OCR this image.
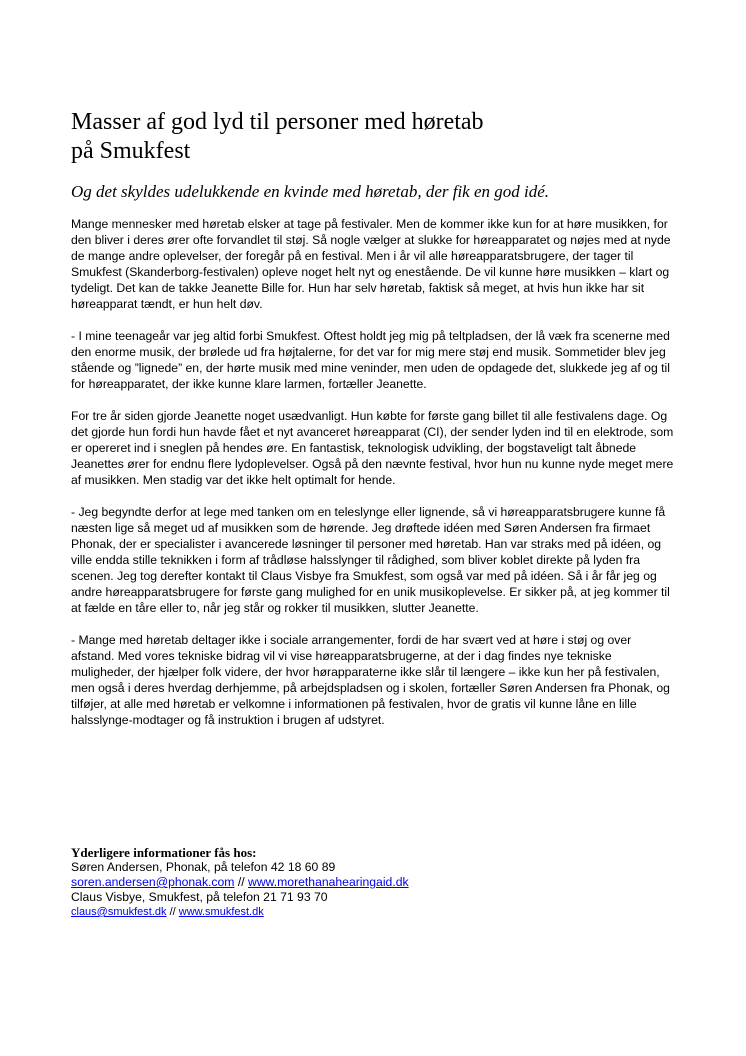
Masser af god lyd til personer med høretab
på Smukfest

Og det skyldes udelukkende en kvinde med høretab, der fik en god idé.

Mange mennesker med høretab elsker at tage på festivaler. Men de kommer ikke kun for at høre musikken, for den bliver i deres ører ofte forvandlet til støj. Så nogle vælger at slukke for høreapparatet og nøjes med at nyde de mange andre oplevelser, der foregår på en festival. Men i år vil alle høreapparatsbrugere, der tager til Smukfest (Skanderborg-festivalen) opleve noget helt nyt og enestående. De vil kunne høre musikken – klart og tydeligt. Det kan de takke Jeanette Bille for. Hun har selv høretab, faktisk så meget, at hvis hun ikke har sit høreapparat tændt, er hun helt døv.

- I mine teenageår var jeg altid forbi Smukfest. Oftest holdt jeg mig på teltpladsen, der lå væk fra scenerne med den enorme musik, der brølede ud fra højtalerne, for det var for mig mere støj end musik. Sommetider blev jeg stående og ”lignede” en, der hørte musik med mine veninder, men uden de opdagede det, slukkede jeg af og til for høreapparatet, der ikke kunne klare larmen, fortæller Jeanette.

For tre år siden gjorde Jeanette noget usædvanligt. Hun købte for første gang billet til alle festivalens dage. Og det gjorde hun fordi hun havde fået et nyt avanceret høreapparat (CI), der sender lyden ind til en elektrode, som er opereret ind i sneglen på hendes øre. En fantastisk, teknologisk udvikling, der bogstaveligt talt åbnede Jeanettes ører for endnu flere lydoplevelser. Også på den nævnte festival, hvor hun nu kunne nyde meget mere af musikken. Men stadig var det ikke helt optimalt for hende.

- Jeg begyndte derfor at lege med tanken om en teleslynge eller lignende, så vi høreapparatsbrugere kunne få næsten lige så meget ud af musikken som de hørende. Jeg drøftede idéen med Søren Andersen fra firmaet Phonak, der er specialister i avancerede løsninger til personer med høretab. Han var straks med på idéen, og ville endda stille teknikken i form af trådløse halsslynger til rådighed, som bliver koblet direkte på lyden fra scenen. Jeg tog derefter kontakt til Claus Visbye fra Smukfest, som også var med på idéen. Så i år får jeg og andre høreapparatsbrugere for første gang mulighed for en unik musikoplevelse. Er sikker på, at jeg kommer til at fælde en tåre eller to, når jeg står og rokker til musikken, slutter Jeanette.

- Mange med høretab deltager ikke i sociale arrangementer, fordi de har svært ved at høre i støj og over afstand. Med vores tekniske bidrag vil vi vise høreapparatsbrugerne, at der i dag findes nye tekniske muligheder, der hjælper folk videre, der hvor hørapparaterne ikke slår til længere – ikke kun her på festivalen, men også i deres hverdag derhjemme, på arbejdspladsen og i skolen, fortæller Søren Andersen fra Phonak, og tilføjer, at alle med høretab er velkomne i informationen på festivalen, hvor de gratis vil kunne låne en lille halsslynge-modtager og få instruktion i brugen af udstyret.

Yderligere informationer fås hos:
Søren Andersen, Phonak, på telefon 42 18 60 89
soren.andersen@phonak.com // www.morethanahearingaid.dk
Claus Visbye, Smukfest, på telefon 21 71 93 70
claus@smukfest.dk // www.smukfest.dk
